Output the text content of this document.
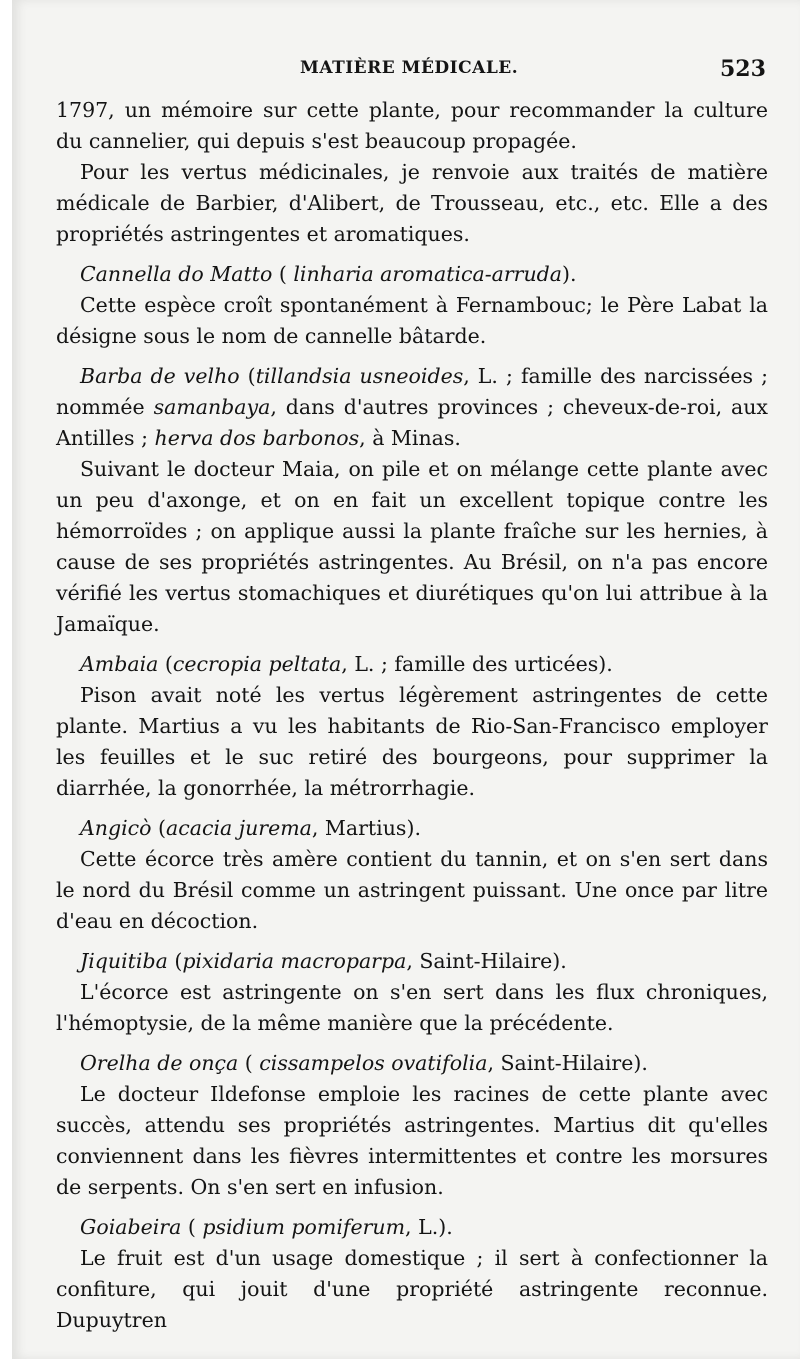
MATIÈRE MÉDICALE.	523

1797, un mémoire sur cette plante, pour recommander la culture du cannelier, qui depuis s'est beaucoup propagée.

Pour les vertus médicinales, je renvoie aux traités de matière médicale de Barbier, d'Alibert, de Trousseau, etc., etc. Elle a des propriétés astringentes et aromatiques.

Cannella do Matto ( linharia aromatica-arruda).

Cette espèce croît spontanément à Fernambouc; le Père Labat la désigne sous le nom de cannelle bâtarde.

Barba de velho (tillandsia usneoides, L. ; famille des narcissées ; nommée samanbaya, dans d'autres provinces ; cheveux-de-roi, aux Antilles ; herva dos barbonos, à Minas.

Suivant le docteur Maia, on pile et on mélange cette plante avec un peu d'axonge, et on en fait un excellent topique contre les hémorroïdes ; on applique aussi la plante fraîche sur les hernies, à cause de ses propriétés astringentes. Au Brésil, on n'a pas encore vérifié les vertus stomachiques et diurétiques qu'on lui attribue à la Jamaïque.

Ambaia (cecropia peltata, L. ; famille des urticées).

Pison avait noté les vertus légèrement astringentes de cette plante. Martius a vu les habitants de Rio-San-Francisco employer les feuilles et le suc retiré des bourgeons, pour supprimer la diarrhée, la gonorrhée, la métrorrhagie.

Angicò (acacia jurema, Martius).

Cette écorce très amère contient du tannin, et on s'en sert dans le nord du Brésil comme un astringent puissant. Une once par litre d'eau en décoction.

Jiquitiba (pixidaria macroparpa, Saint-Hilaire).

L'écorce est astringente on s'en sert dans les flux chroniques, l'hémoptysie, de la même manière que la précédente.

Orelha de onça ( cissampelos ovatifolia, Saint-Hilaire).

Le docteur Ildefonse emploie les racines de cette plante avec succès, attendu ses propriétés astringentes. Martius dit qu'elles conviennent dans les fièvres intermittentes et contre les morsures de serpents. On s'en sert en infusion.

Goiabeira ( psidium pomiferum, L.).

Le fruit est d'un usage domestique ; il sert à confectionner la confiture, qui jouit d'une propriété astringente reconnue. Dupuytren
